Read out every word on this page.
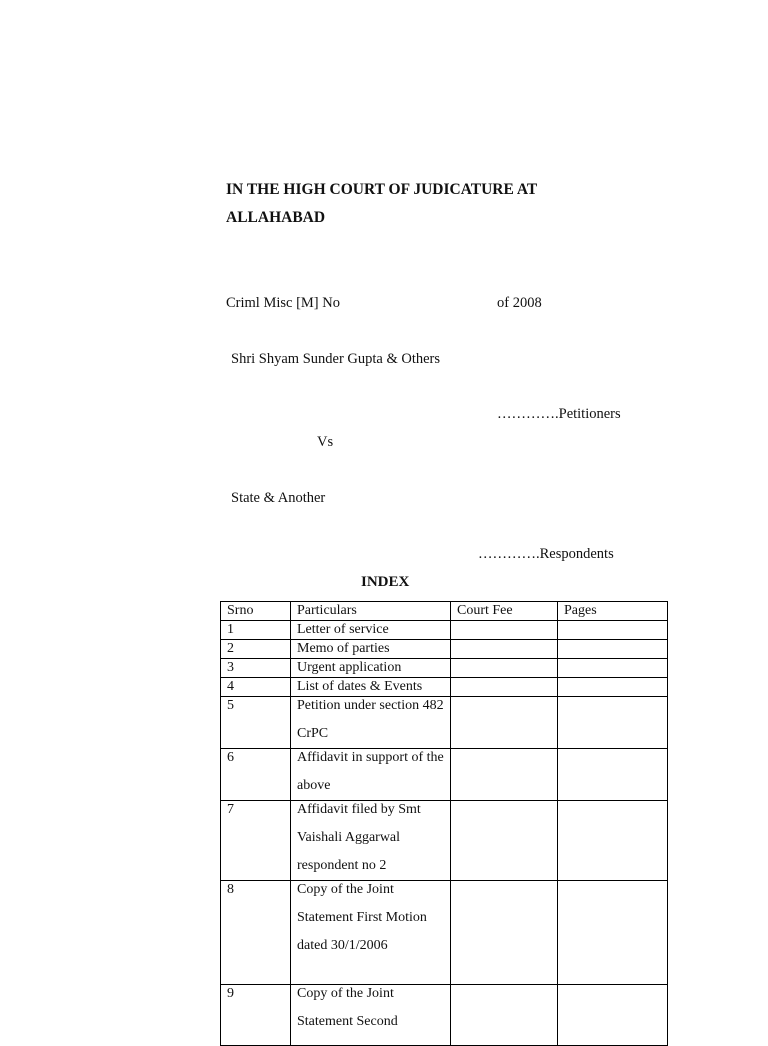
IN THE HIGH COURT OF JUDICATURE AT
ALLAHABAD
Criml Misc [M] No	of 2008
Shri Shyam Sunder Gupta & Others
………….Petitioners
Vs
State & Another
………….Respondents
INDEX
Srno	Particulars	Court Fee	Pages
1	Letter of service		
2	Memo of parties		
3	Urgent application		
4	List of dates & Events		
5	Petition under section 482 CrPC		

6	Affidavit in support of the above		

7	Affidavit filed by Smt Vaishali Aggarwal respondent no 2		

8	Copy of the Joint Statement First Motion dated 30/1/2006		

9	Copy of the Joint Statement Second		
